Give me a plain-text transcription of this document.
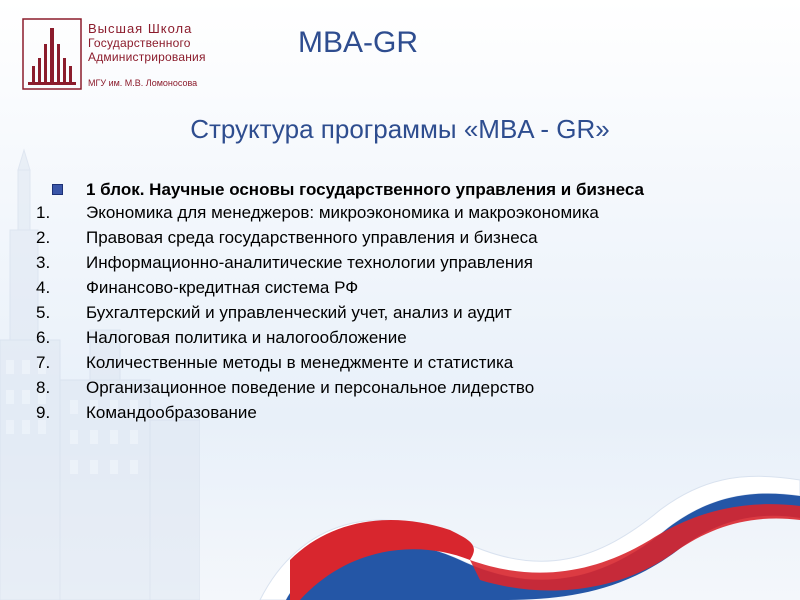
Высшая Школа
Государственного
Администрирования
МГУ им. М.В. Ломоносова
MBA-GR
Структура программы «MBA - GR»
1 блок. Научные основы государственного управления и бизнеса
1.	Экономика для менеджеров: микроэкономика и макроэкономика
2.	Правовая среда государственного управления и бизнеса
3.	Информационно-аналитические технологии управления
4.	Финансово-кредитная система РФ
5.	Бухгалтерский и управленческий учет, анализ и аудит
6.	Налоговая политика и налогообложение
7.	Количественные методы в менеджменте и статистика
8.	Организационное поведение и персональное лидерство
9.	Командообразование
